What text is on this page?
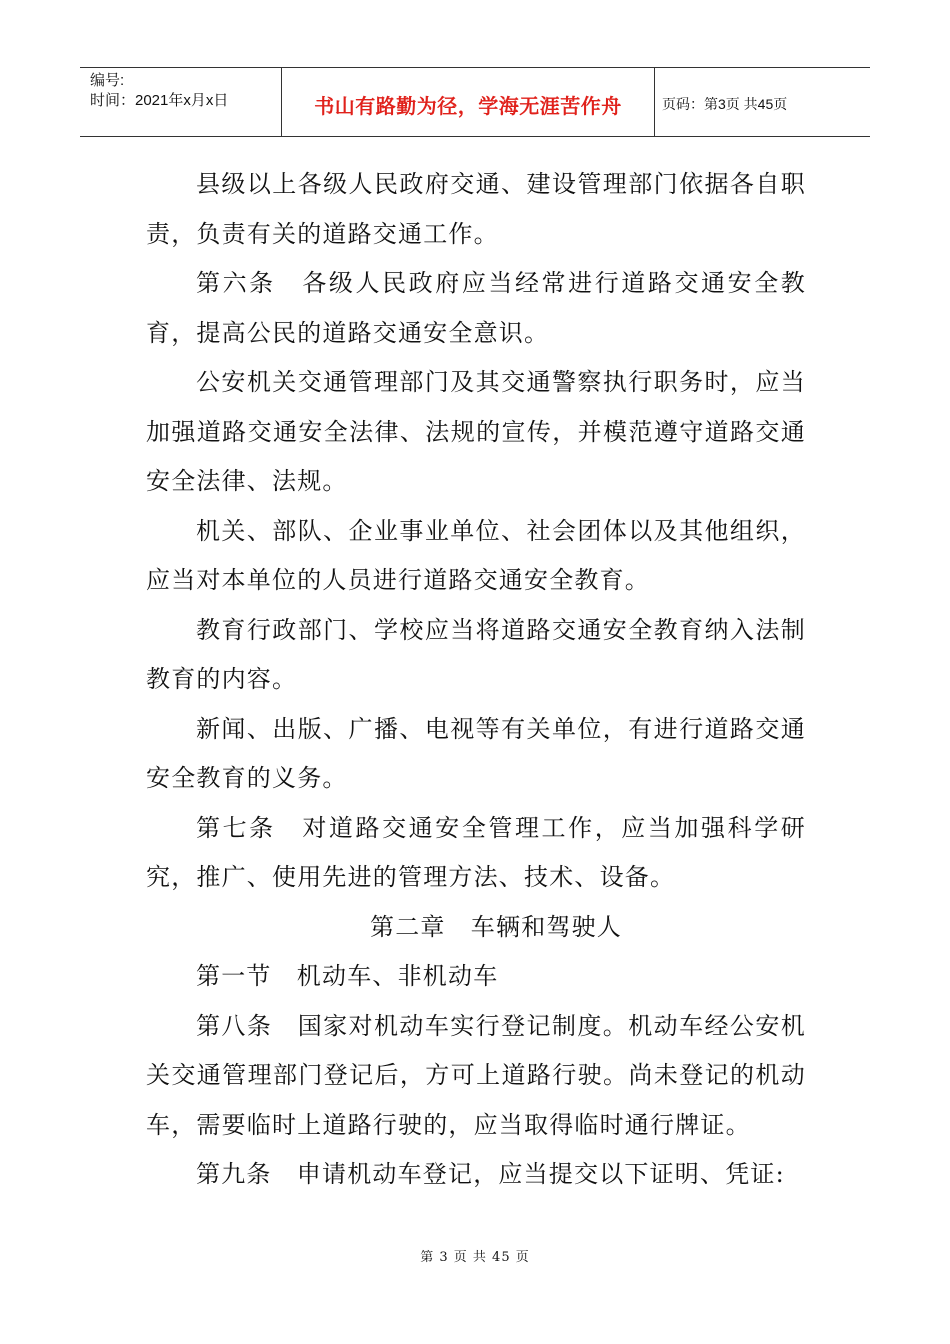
编号:
时间：2021年x月x日	书山有路勤为径，学海无涯苦作舟	页码：第3页 共45页

县级以上各级人民政府交通、建设管理部门依据各自职责，负责有关的道路交通工作。

第六条　各级人民政府应当经常进行道路交通安全教育，提高公民的道路交通安全意识。

公安机关交通管理部门及其交通警察执行职务时，应当加强道路交通安全法律、法规的宣传，并模范遵守道路交通安全法律、法规。

机关、部队、企业事业单位、社会团体以及其他组织，应当对本单位的人员进行道路交通安全教育。

教育行政部门、学校应当将道路交通安全教育纳入法制教育的内容。

新闻、出版、广播、电视等有关单位，有进行道路交通安全教育的义务。

第七条　对道路交通安全管理工作，应当加强科学研究，推广、使用先进的管理方法、技术、设备。

第二章　车辆和驾驶人

第一节　机动车、非机动车

第八条　国家对机动车实行登记制度。机动车经公安机关交通管理部门登记后，方可上道路行驶。尚未登记的机动车，需要临时上道路行驶的，应当取得临时通行牌证。

第九条　申请机动车登记，应当提交以下证明、凭证:

第 3 页 共 45 页
